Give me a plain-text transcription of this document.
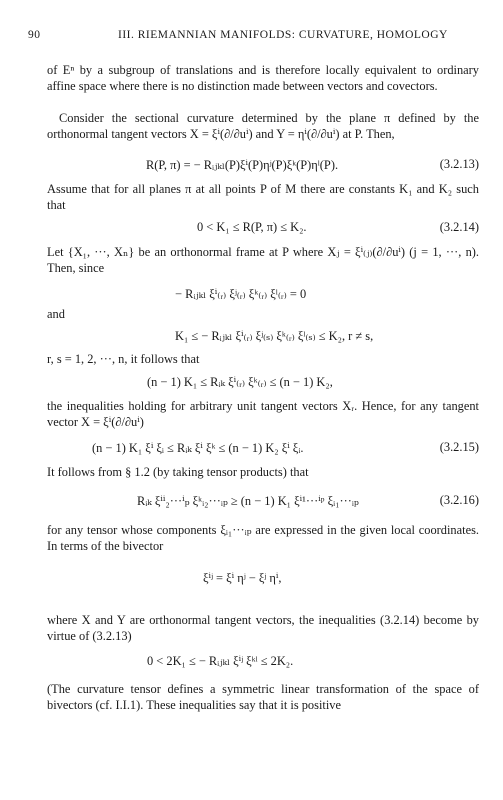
90	III. RIEMANNIAN MANIFOLDS: CURVATURE, HOMOLOGY
of Eⁿ by a subgroup of translations and is therefore locally equivalent to ordinary affine space where there is no distinction made between vectors and covectors.
Consider the sectional curvature determined by the plane π defined by the orthonormal tangent vectors X = ξⁱ(∂/∂uⁱ) and Y = ηⁱ(∂/∂uⁱ) at P. Then,
R(P, π) = − Rᵢⱼₖₗ(P)ξⁱ(P)ηʲ(P)ξᵏ(P)ηˡ(P).	(3.2.13)
Assume that for all planes π at all points P of M there are constants K₁ and K₂ such that
0 < K₁ ≤ R(P, π) ≤ K₂.	(3.2.14)
Let {X₁, ···, Xₙ} be an orthonormal frame at P where Xⱼ = ξⁱ₍ⱼ₎(∂/∂uⁱ) (j = 1, ···, n). Then, since
− Rᵢⱼₖₗ ξⁱ₍ᵣ₎ ξʲ₍ᵣ₎ ξᵏ₍ᵣ₎ ξˡ₍ᵣ₎ = 0
and
K₁ ≤ − Rᵢⱼₖₗ ξⁱ₍ᵣ₎ ξʲ₍ₛ₎ ξᵏ₍ᵣ₎ ξˡ₍ₛ₎ ≤ K₂, r ≠ s,
r, s = 1, 2, ···, n, it follows that
(n − 1) K₁ ≤ Rᵢₖ ξⁱ₍ᵣ₎ ξᵏ₍ᵣ₎ ≤ (n − 1) K₂,
the inequalities holding for arbitrary unit tangent vectors Xᵣ. Hence, for any tangent vector X = ξⁱ(∂/∂uⁱ)
(n − 1) K₁ ξⁱ ξᵢ ≤ Rᵢₖ ξⁱ ξᵏ ≤ (n − 1) K₂ ξⁱ ξᵢ.	(3.2.15)
It follows from § 1.2 (by taking tensor products) that
Rᵢₖ ξⁱⁱ₂···ⁱₚ ξᵏᵢ₂···ᵢₚ ≥ (n − 1) K₁ ξⁱ¹···ⁱᵖ ξᵢ₁···ᵢₚ	(3.2.16)
for any tensor whose components ξᵢ₁···ᵢₚ are expressed in the given local coordinates. In terms of the bivector
ξⁱʲ = ξⁱ ηʲ − ξʲ ηⁱ,
where X and Y are orthonormal tangent vectors, the inequalities (3.2.14) become by virtue of (3.2.13)
0 < 2K₁ ≤ − Rᵢⱼₖₗ ξⁱʲ ξᵏˡ ≤ 2K₂.
(The curvature tensor defines a symmetric linear transformation of the space of bivectors (cf. I.I.1). These inequalities say that it is positive
